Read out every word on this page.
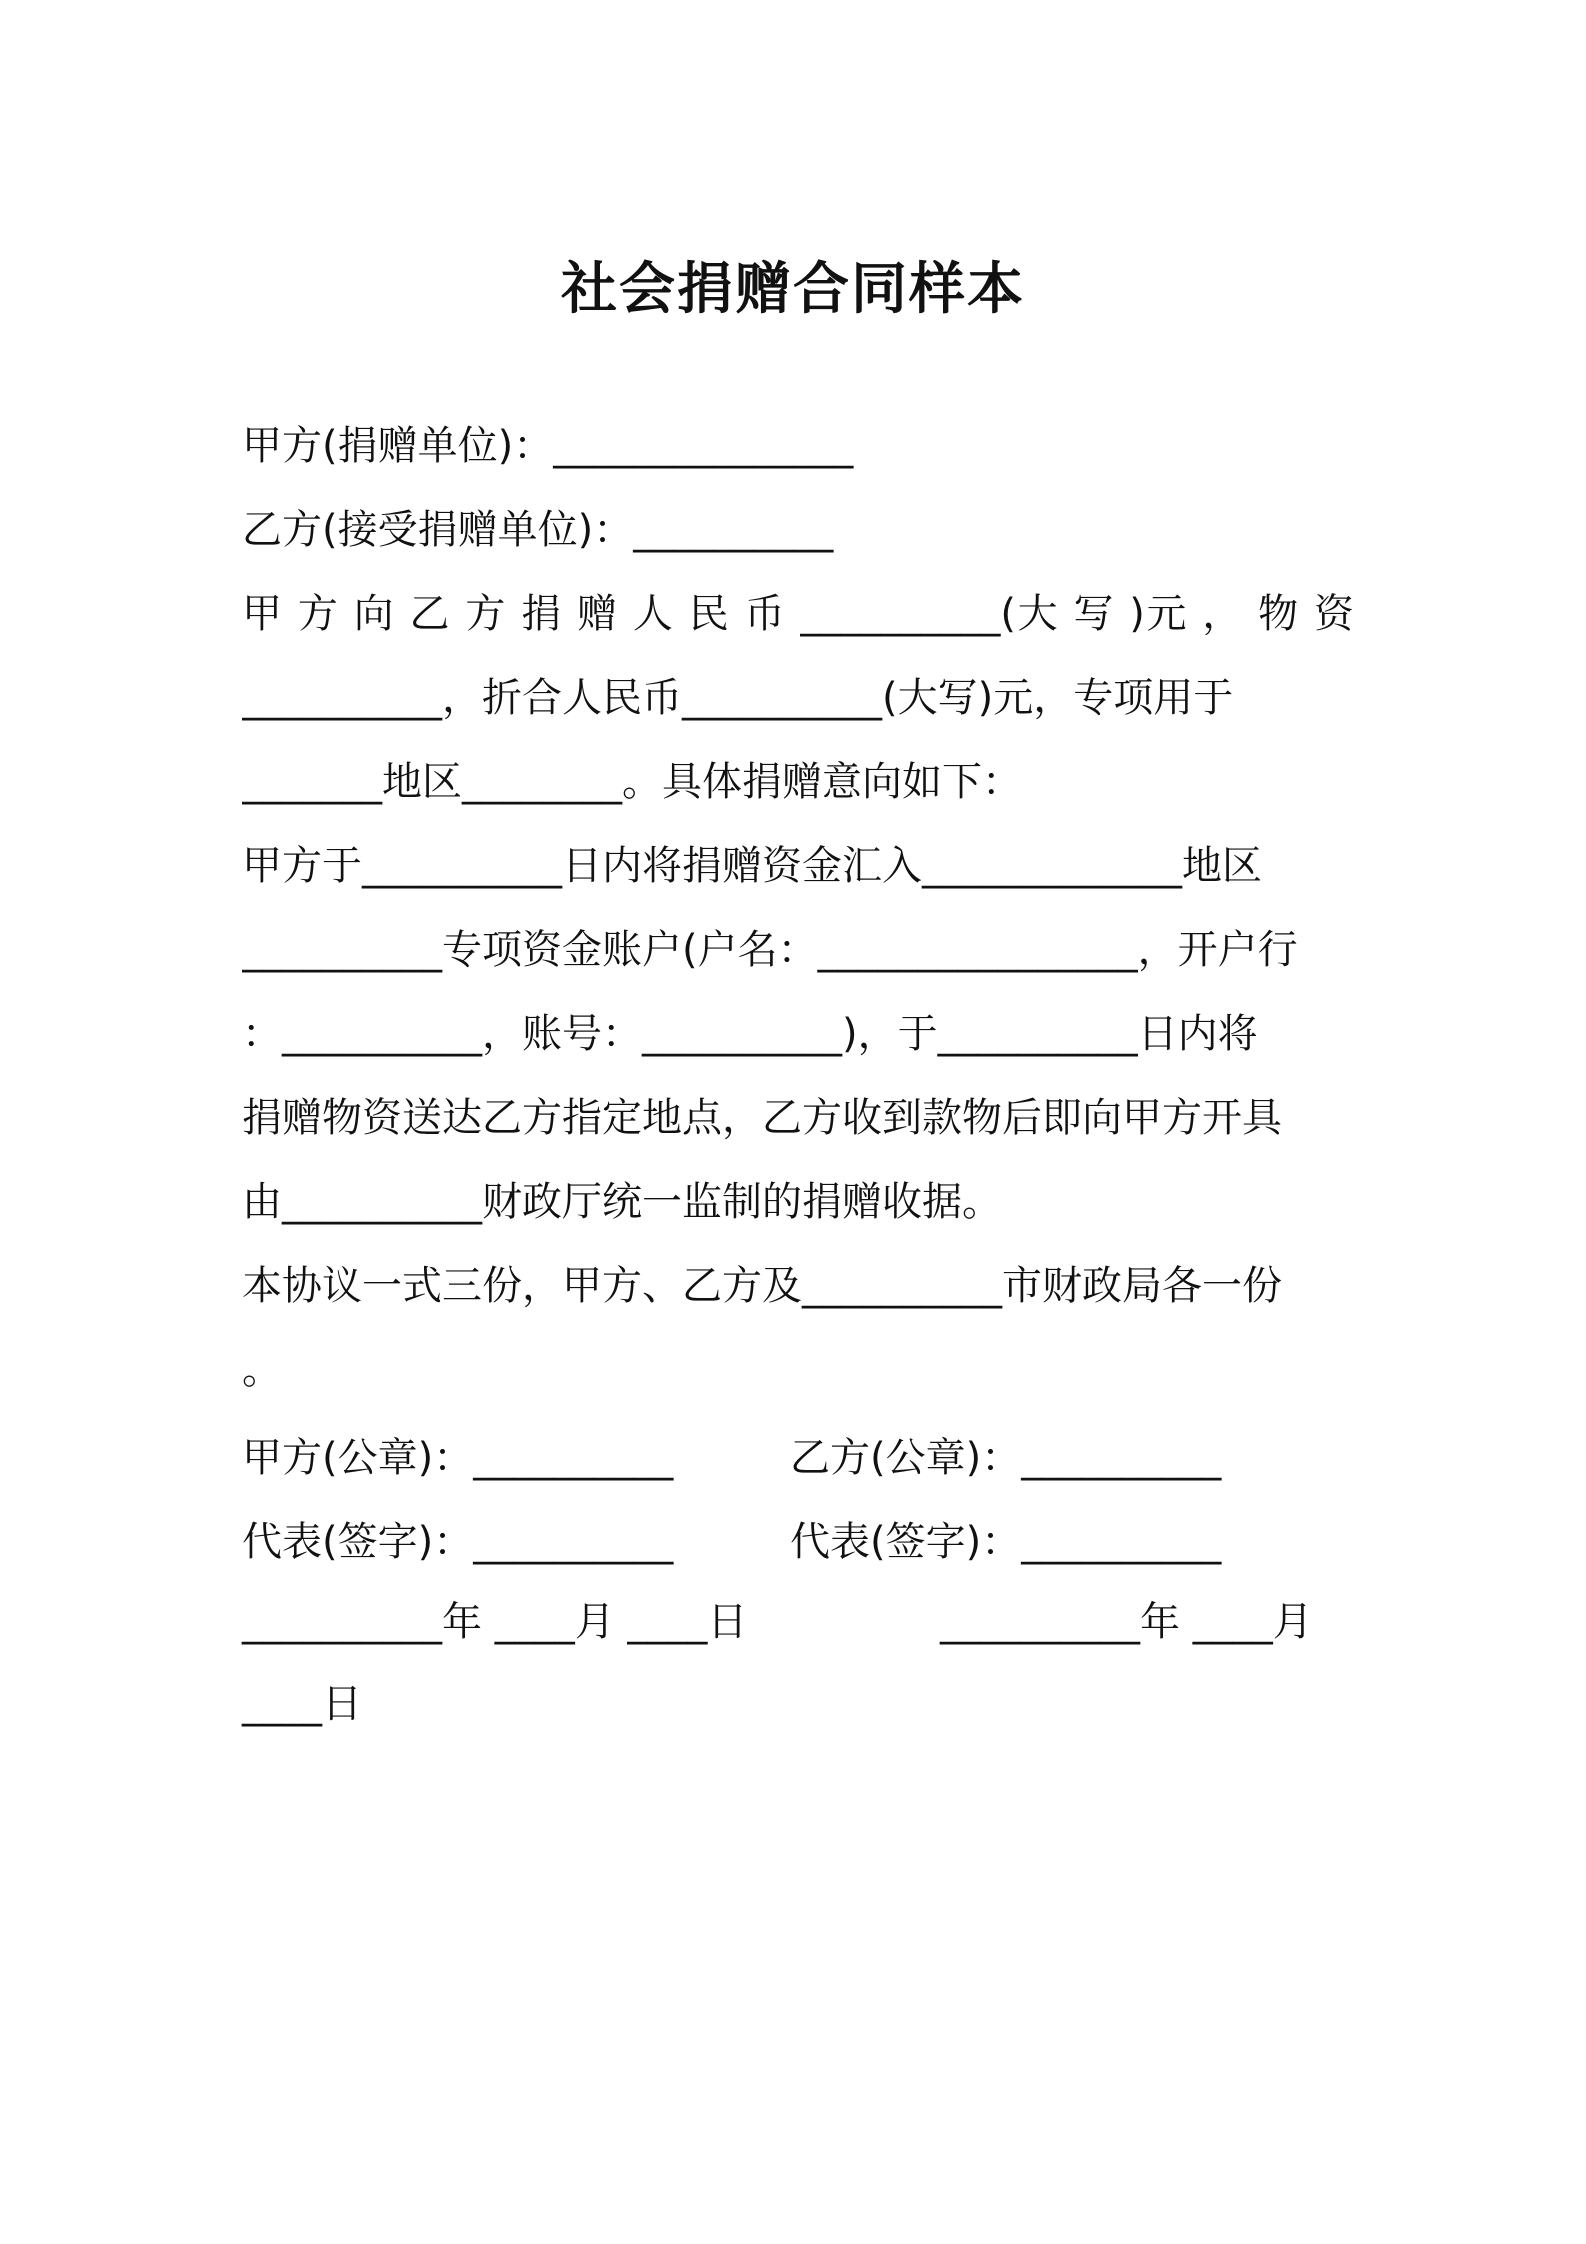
社会捐赠合同样本
甲方(捐赠单位)：_______________
乙方(接受捐赠单位)：__________
甲 方 向 乙 方 捐 赠 人 民 币 __________(大 写 )元 ， 物 资
__________，折合人民币__________(大写)元，专项用于
_______地区________。具体捐赠意向如下：
甲方于__________日内将捐赠资金汇入_____________地区
__________专项资金账户(户名：________________，开户行
：__________，账号：__________)，于__________日内将
捐赠物资送达乙方指定地点，乙方收到款物后即向甲方开具
由__________财政厅统一监制的捐赠收据。
本协议一式三份，甲方、乙方及__________市财政局各一份
。
甲方(公章)：__________	乙方(公章)：__________
代表(签字)：__________	代表(签字)：__________
__________年 ____月 ____日	__________年 ____月
____日
